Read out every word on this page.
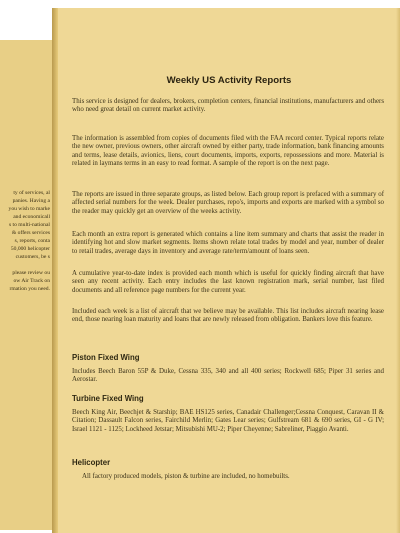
ty of services, al
panies. Having a
you wish to marke
and economicall
s to multi-national
& offers services
s, reports, conta
50,000 helicopter
customers, be s
please review ou
ow Air Track on
rmation you need.
Weekly US Activity Reports

This service is designed for dealers, brokers, completion centers, financial institutions, manufacturers and others who need great detail on current market activity.

The information is assembled from copies of documents filed with the FAA record center. Typical reports relate the new owner, previous owners, other aircraft owned by either party, trade information, bank financing amounts and terms, lease details, avionics, liens, court documents, imports, exports, repossessions and more. Material is related in laymans terms in an easy to read format. A sample of the report is on the next page.

The reports are issued in three separate groups, as listed below. Each group report is prefaced with a summary of affected serial numbers for the week. Dealer purchases, repo's, imports and exports are marked with a symbol so the reader may quickly get an overview of the weeks activity.

Each month an extra report is generated which contains a line item summary and charts that assist the reader in identifying hot and slow market segments. Items shown relate total trades by model and year, number of dealer to retail trades, average days in inventory and average rate/term/amount of loans seen.

A cumulative year-to-date index is provided each month which is useful for quickly finding aircraft that have seen any recent activity. Each entry includes the last known registration mark, serial number, last filed documents and all reference page numbers for the current year.

Included each week is a list of aircraft that we believe may be available. This list includes aircraft nearing lease end, those nearing loan maturity and loans that are newly released from obligation. Bankers love this feature.

Piston Fixed Wing

Includes Beech Baron 55P & Duke, Cessna 335, 340 and all 400 series; Rockwell 685; Piper 31 series and Aerostar.

Turbine Fixed Wing

Beech King Air, Beechjet & Starship; BAE HS125 series, Canadair Challenger;Cessna Conquest, Caravan II & Citation; Dassault Falcon series, Fairchild Merlin; Gates Lear series; Gulfstream 681 & 690 series, GI - G IV; Israel 1121 - 1125; Lockheed Jetstar; Mitsubishi MU-2; Piper Cheyenne; Sabreliner, Piaggio Avanti.

Helicopter

All factory produced models, piston & turbine are included, no homebuilts.
